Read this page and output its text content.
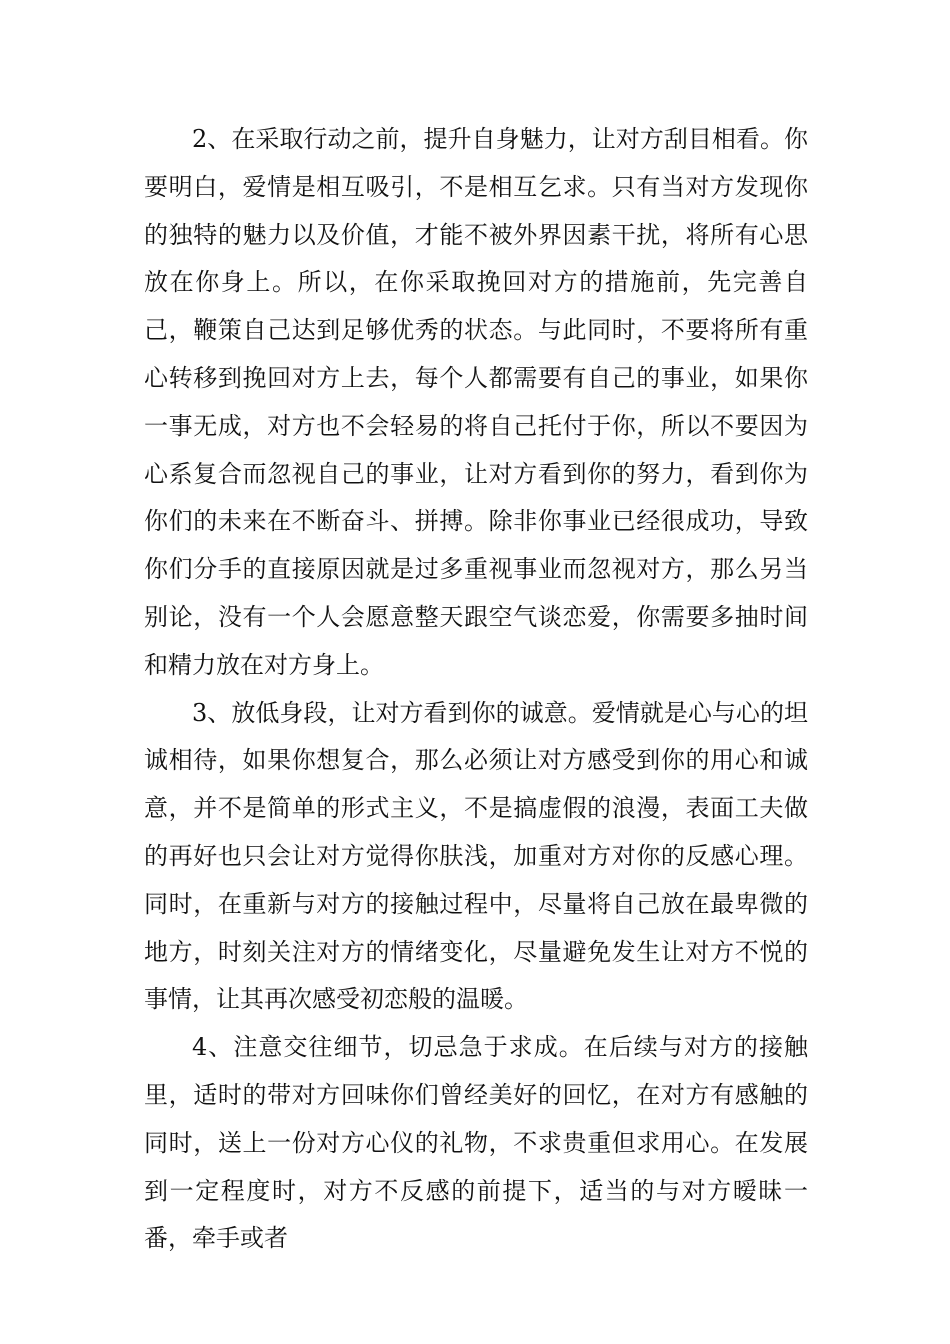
2、在采取行动之前，提升自身魅力，让对方刮目相看。你要明白，爱情是相互吸引，不是相互乞求。只有当对方发现你的独特的魅力以及价值，才能不被外界因素干扰，将所有心思放在你身上。所以，在你采取挽回对方的措施前，先完善自己，鞭策自己达到足够优秀的状态。与此同时，不要将所有重心转移到挽回对方上去，每个人都需要有自己的事业，如果你一事无成，对方也不会轻易的将自己托付于你，所以不要因为心系复合而忽视自己的事业，让对方看到你的努力，看到你为你们的未来在不断奋斗、拼搏。除非你事业已经很成功，导致你们分手的直接原因就是过多重视事业而忽视对方，那么另当别论，没有一个人会愿意整天跟空气谈恋爱，你需要多抽时间和精力放在对方身上。

3、放低身段，让对方看到你的诚意。爱情就是心与心的坦诚相待，如果你想复合，那么必须让对方感受到你的用心和诚意，并不是简单的形式主义，不是搞虚假的浪漫，表面工夫做的再好也只会让对方觉得你肤浅，加重对方对你的反感心理。同时，在重新与对方的接触过程中，尽量将自己放在最卑微的地方，时刻关注对方的情绪变化，尽量避免发生让对方不悦的事情，让其再次感受初恋般的温暖。

4、注意交往细节，切忌急于求成。在后续与对方的接触里，适时的带对方回味你们曾经美好的回忆，在对方有感触的同时，送上一份对方心仪的礼物，不求贵重但求用心。在发展到一定程度时，对方不反感的前提下，适当的与对方暧昧一番，牵手或者
